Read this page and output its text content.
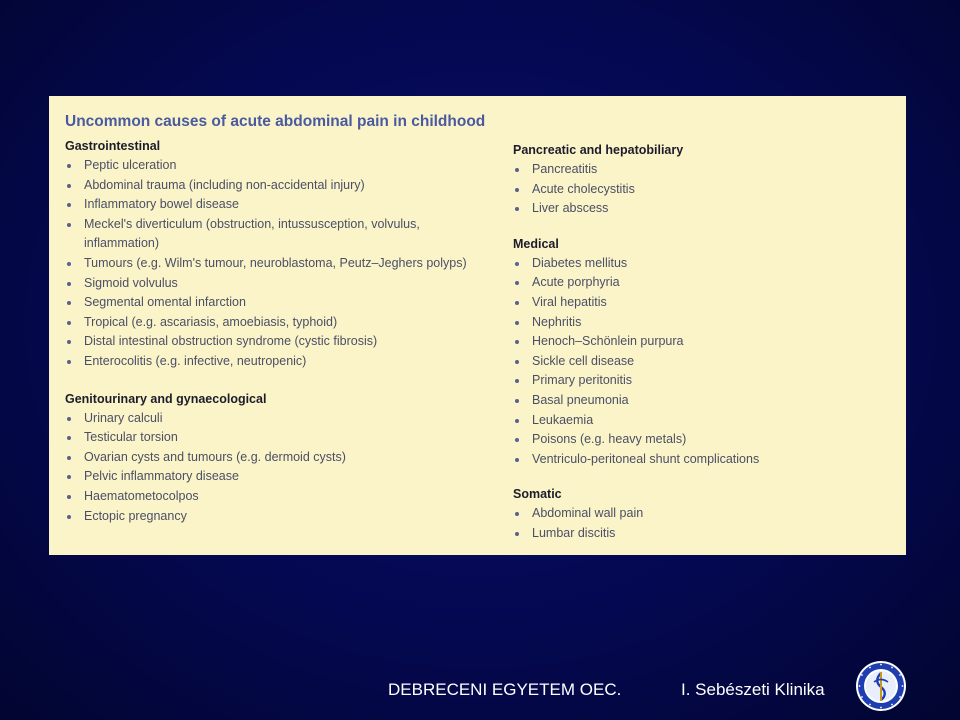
Uncommon causes of acute abdominal pain in childhood
Gastrointestinal
Peptic ulceration
Abdominal trauma (including non-accidental injury)
Inflammatory bowel disease
Meckel's diverticulum (obstruction, intussusception, volvulus, inflammation)
Tumours (e.g. Wilm's tumour, neuroblastoma, Peutz–Jeghers polyps)
Sigmoid volvulus
Segmental omental infarction
Tropical (e.g. ascariasis, amoebiasis, typhoid)
Distal intestinal obstruction syndrome (cystic fibrosis)
Enterocolitis (e.g. infective, neutropenic)
Genitourinary and gynaecological
Urinary calculi
Testicular torsion
Ovarian cysts and tumours (e.g. dermoid cysts)
Pelvic inflammatory disease
Haematometocolpos
Ectopic pregnancy
Pancreatic and hepatobiliary
Pancreatitis
Acute cholecystitis
Liver abscess
Medical
Diabetes mellitus
Acute porphyria
Viral hepatitis
Nephritis
Henoch–Schönlein purpura
Sickle cell disease
Primary peritonitis
Basal pneumonia
Leukaemia
Poisons (e.g. heavy metals)
Ventriculo-peritoneal shunt complications
Somatic
Abdominal wall pain
Lumbar discitis
DEBRECENI EGYETEM OEC.	I. Sebészeti Klinika
